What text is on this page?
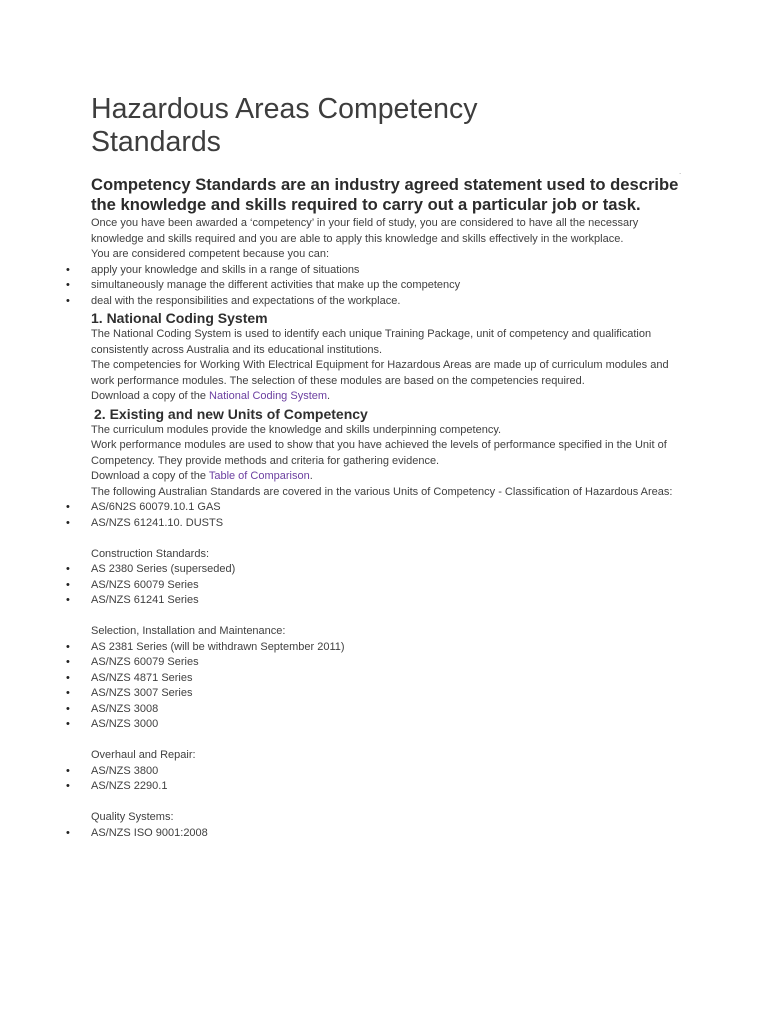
.
Hazardous Areas Competency Standards

Competency Standards are an industry agreed statement used to describe the knowledge and skills required to carry out a particular job or task.

Once you have been awarded a ‘competency’ in your field of study, you are considered to have all the necessary knowledge and skills required and you are able to apply this knowledge and skills effectively in the workplace.

You are considered competent because you can:

• apply your knowledge and skills in a range of situations
• simultaneously manage the different activities that make up the competency
• deal with the responsibilities and expectations of the workplace.
1. National Coding System

The National Coding System is used to identify each unique Training Package, unit of competency and qualification consistently across Australia and its educational institutions.

The competencies for Working With Electrical Equipment for Hazardous Areas are made up of curriculum modules and work performance modules. The selection of these modules are based on the competencies required.

Download a copy of the National Coding System.

2. Existing and new Units of Competency

The curriculum modules provide the knowledge and skills underpinning competency.

Work performance modules are used to show that you have achieved the levels of performance specified in the Unit of Competency. They provide methods and criteria for gathering evidence.

Download a copy of the Table of Comparison.

The following Australian Standards are covered in the various Units of Competency - Classification of Hazardous Areas:

• AS/6N2S 60079.10.1 GAS
• AS/NZS 61241.10. DUSTS

Construction Standards:

• AS 2380 Series (superseded)
• AS/NZS 60079 Series
• AS/NZS 61241 Series

Selection, Installation and Maintenance:

• AS 2381 Series (will be withdrawn September 2011)
• AS/NZS 60079 Series
• AS/NZS 4871 Series
• AS/NZS 3007 Series
• AS/NZS 3008
• AS/NZS 3000

Overhaul and Repair:

• AS/NZS 3800
• AS/NZS 2290.1

Quality Systems:

• AS/NZS ISO 9001:2008
